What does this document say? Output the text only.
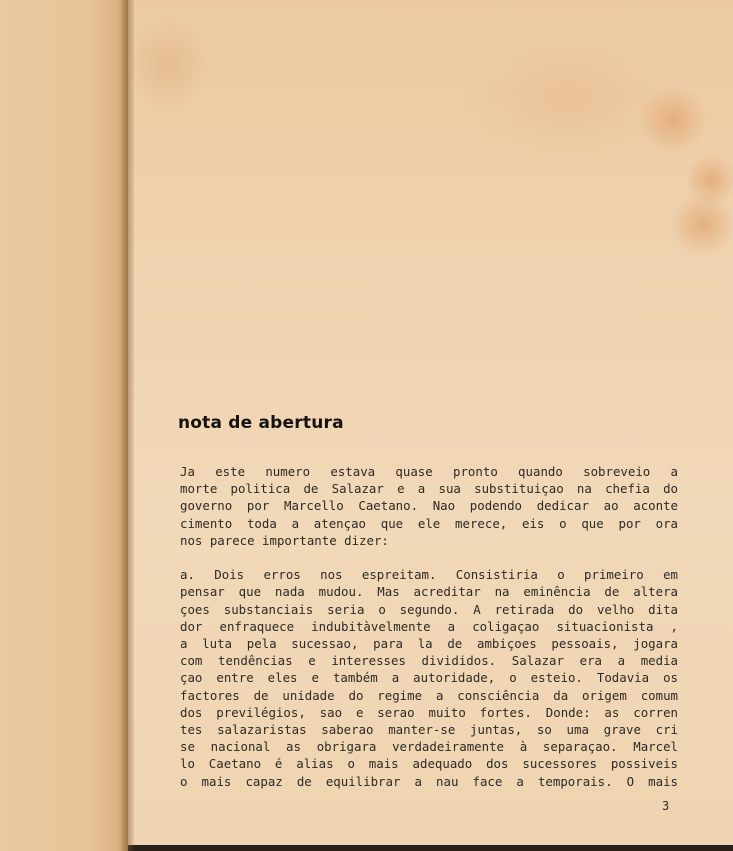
nota de abertura
Ja este numero estava quase pronto quando sobreveio a
morte politica de Salazar e a sua substituiçao na chefia do
governo por Marcello Caetano. Nao podendo dedicar ao aconte
cimento toda a atençao que ele merece, eis o que por ora
nos parece importante dizer:
a. Dois erros nos espreitam. Consistiria o primeiro em
pensar que nada mudou. Mas acreditar na eminência de altera
çoes substanciais seria o segundo. A retirada do velho dita
dor enfraquece indubitàvelmente a coligaçao situacionista ,
a luta pela sucessao, para la de ambiçoes pessoais, jogara
com tendências e interesses divididos. Salazar era a media
çao entre eles e também a autoridade, o esteio. Todavia os
factores de unidade do regime a consciência da origem comum
dos previlégios, sao e serao muito fortes. Donde: as corren
tes salazaristas saberao manter-se juntas, so uma grave cri
se nacional as obrigara verdadeiramente à separaçao. Marcel
lo Caetano é alias o mais adequado dos sucessores possiveis
o mais capaz de equilibrar a nau face a temporais. O mais
3
